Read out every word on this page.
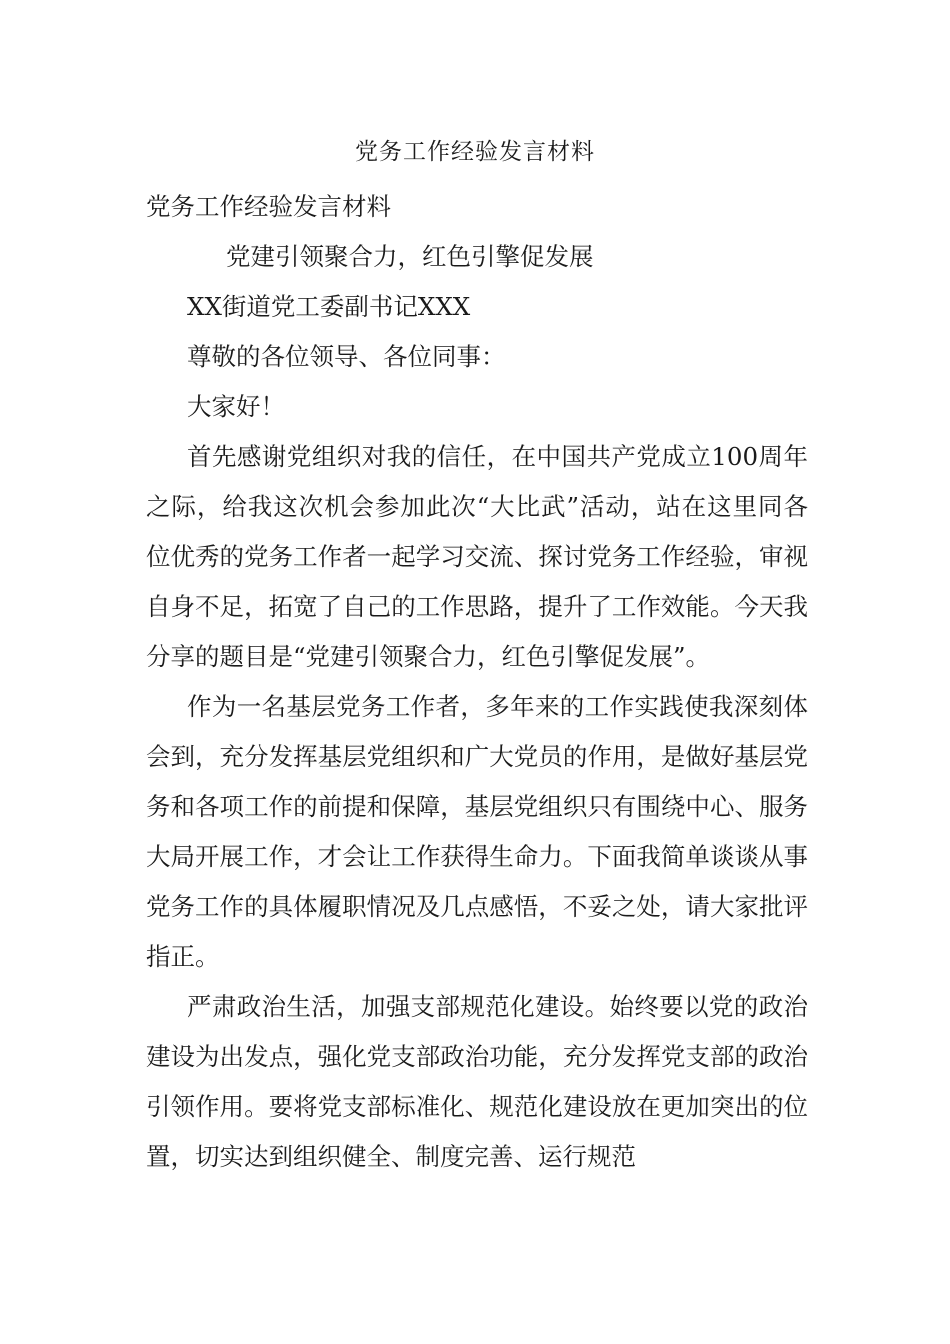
党务工作经验发言材料

党务工作经验发言材料

党建引领聚合力，红色引擎促发展

XX街道党工委副书记XXX

尊敬的各位领导、各位同事：

大家好！

首先感谢党组织对我的信任，在中国共产党成立100周年之际，给我这次机会参加此次“大比武”活动，站在这里同各位优秀的党务工作者一起学习交流、探讨党务工作经验，审视自身不足，拓宽了自己的工作思路，提升了工作效能。今天我分享的题目是“党建引领聚合力，红色引擎促发展”。

作为一名基层党务工作者，多年来的工作实践使我深刻体会到，充分发挥基层党组织和广大党员的作用，是做好基层党务和各项工作的前提和保障，基层党组织只有围绕中心、服务大局开展工作，才会让工作获得生命力。下面我简单谈谈从事党务工作的具体履职情况及几点感悟，不妥之处，请大家批评指正。

严肃政治生活，加强支部规范化建设。始终要以党的政治建设为出发点，强化党支部政治功能，充分发挥党支部的政治引领作用。要将党支部标准化、规范化建设放在更加突出的位置，切实达到组织健全、制度完善、运行规范
